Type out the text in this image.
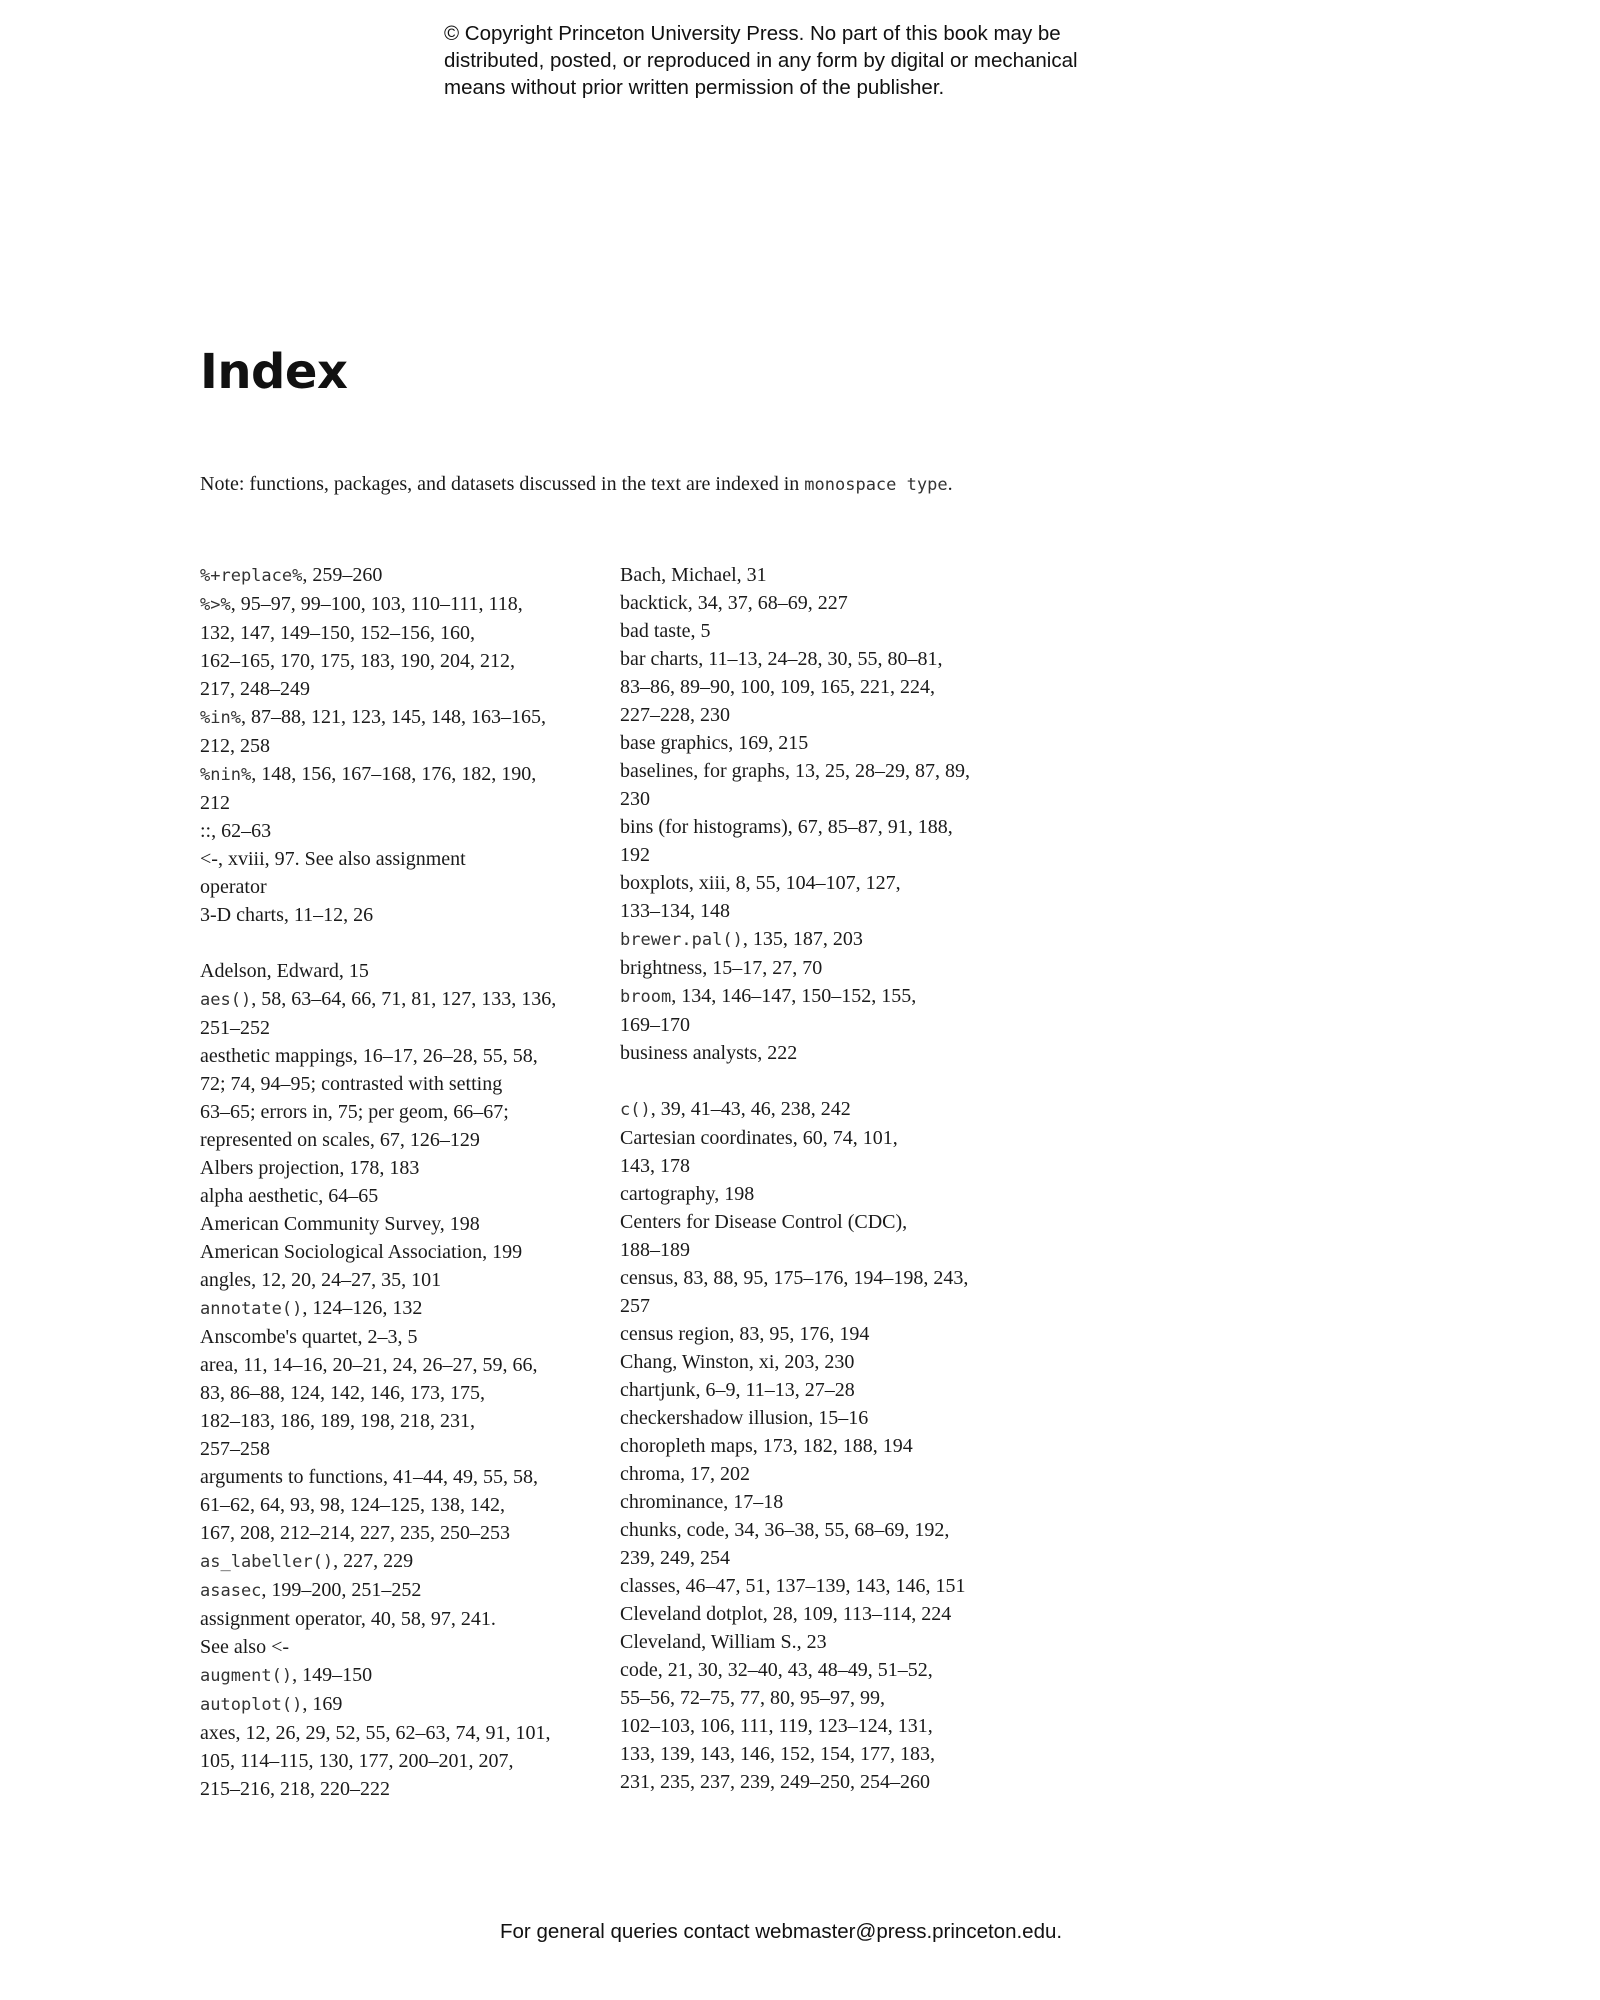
© Copyright Princeton University Press. No part of this book may be
distributed, posted, or reproduced in any form by digital or mechanical
means without prior written permission of the publisher.
Index
Note: functions, packages, and datasets discussed in the text are indexed in monospace type.
%+replace%, 259–260
%>%, 95–97, 99–100, 103, 110–111, 118,
132, 147, 149–150, 152–156, 160,
162–165, 170, 175, 183, 190, 204, 212,
217, 248–249
%in%, 87–88, 121, 123, 145, 148, 163–165,
212, 258
%nin%, 148, 156, 167–168, 176, 182, 190,
212
::, 62–63
<-, xviii, 97. See also assignment
operator
3-D charts, 11–12, 26
Adelson, Edward, 15
aes(), 58, 63–64, 66, 71, 81, 127, 133, 136,
251–252
aesthetic mappings, 16–17, 26–28, 55, 58,
72; 74, 94–95; contrasted with setting
63–65; errors in, 75; per geom, 66–67;
represented on scales, 67, 126–129
Albers projection, 178, 183
alpha aesthetic, 64–65
American Community Survey, 198
American Sociological Association, 199
angles, 12, 20, 24–27, 35, 101
annotate(), 124–126, 132
Anscombe's quartet, 2–3, 5
area, 11, 14–16, 20–21, 24, 26–27, 59, 66,
83, 86–88, 124, 142, 146, 173, 175,
182–183, 186, 189, 198, 218, 231,
257–258
arguments to functions, 41–44, 49, 55, 58,
61–62, 64, 93, 98, 124–125, 138, 142,
167, 208, 212–214, 227, 235, 250–253
as_labeller(), 227, 229
asasec, 199–200, 251–252
assignment operator, 40, 58, 97, 241.
See also <-
augment(), 149–150
autoplot(), 169
axes, 12, 26, 29, 52, 55, 62–63, 74, 91, 101,
105, 114–115, 130, 177, 200–201, 207,
215–216, 218, 220–222
Bach, Michael, 31
backtick, 34, 37, 68–69, 227
bad taste, 5
bar charts, 11–13, 24–28, 30, 55, 80–81,
83–86, 89–90, 100, 109, 165, 221, 224,
227–228, 230
base graphics, 169, 215
baselines, for graphs, 13, 25, 28–29, 87, 89,
230
bins (for histograms), 67, 85–87, 91, 188,
192
boxplots, xiii, 8, 55, 104–107, 127,
133–134, 148
brewer.pal(), 135, 187, 203
brightness, 15–17, 27, 70
broom, 134, 146–147, 150–152, 155,
169–170
business analysts, 222
c(), 39, 41–43, 46, 238, 242
Cartesian coordinates, 60, 74, 101,
143, 178
cartography, 198
Centers for Disease Control (CDC),
188–189
census, 83, 88, 95, 175–176, 194–198, 243,
257
census region, 83, 95, 176, 194
Chang, Winston, xi, 203, 230
chartjunk, 6–9, 11–13, 27–28
checkershadow illusion, 15–16
choropleth maps, 173, 182, 188, 194
chroma, 17, 202
chrominance, 17–18
chunks, code, 34, 36–38, 55, 68–69, 192,
239, 249, 254
classes, 46–47, 51, 137–139, 143, 146, 151
Cleveland dotplot, 28, 109, 113–114, 224
Cleveland, William S., 23
code, 21, 30, 32–40, 43, 48–49, 51–52,
55–56, 72–75, 77, 80, 95–97, 99,
102–103, 106, 111, 119, 123–124, 131,
133, 139, 143, 146, 152, 154, 177, 183,
231, 235, 237, 239, 249–250, 254–260
For general queries contact webmaster@press.princeton.edu.
